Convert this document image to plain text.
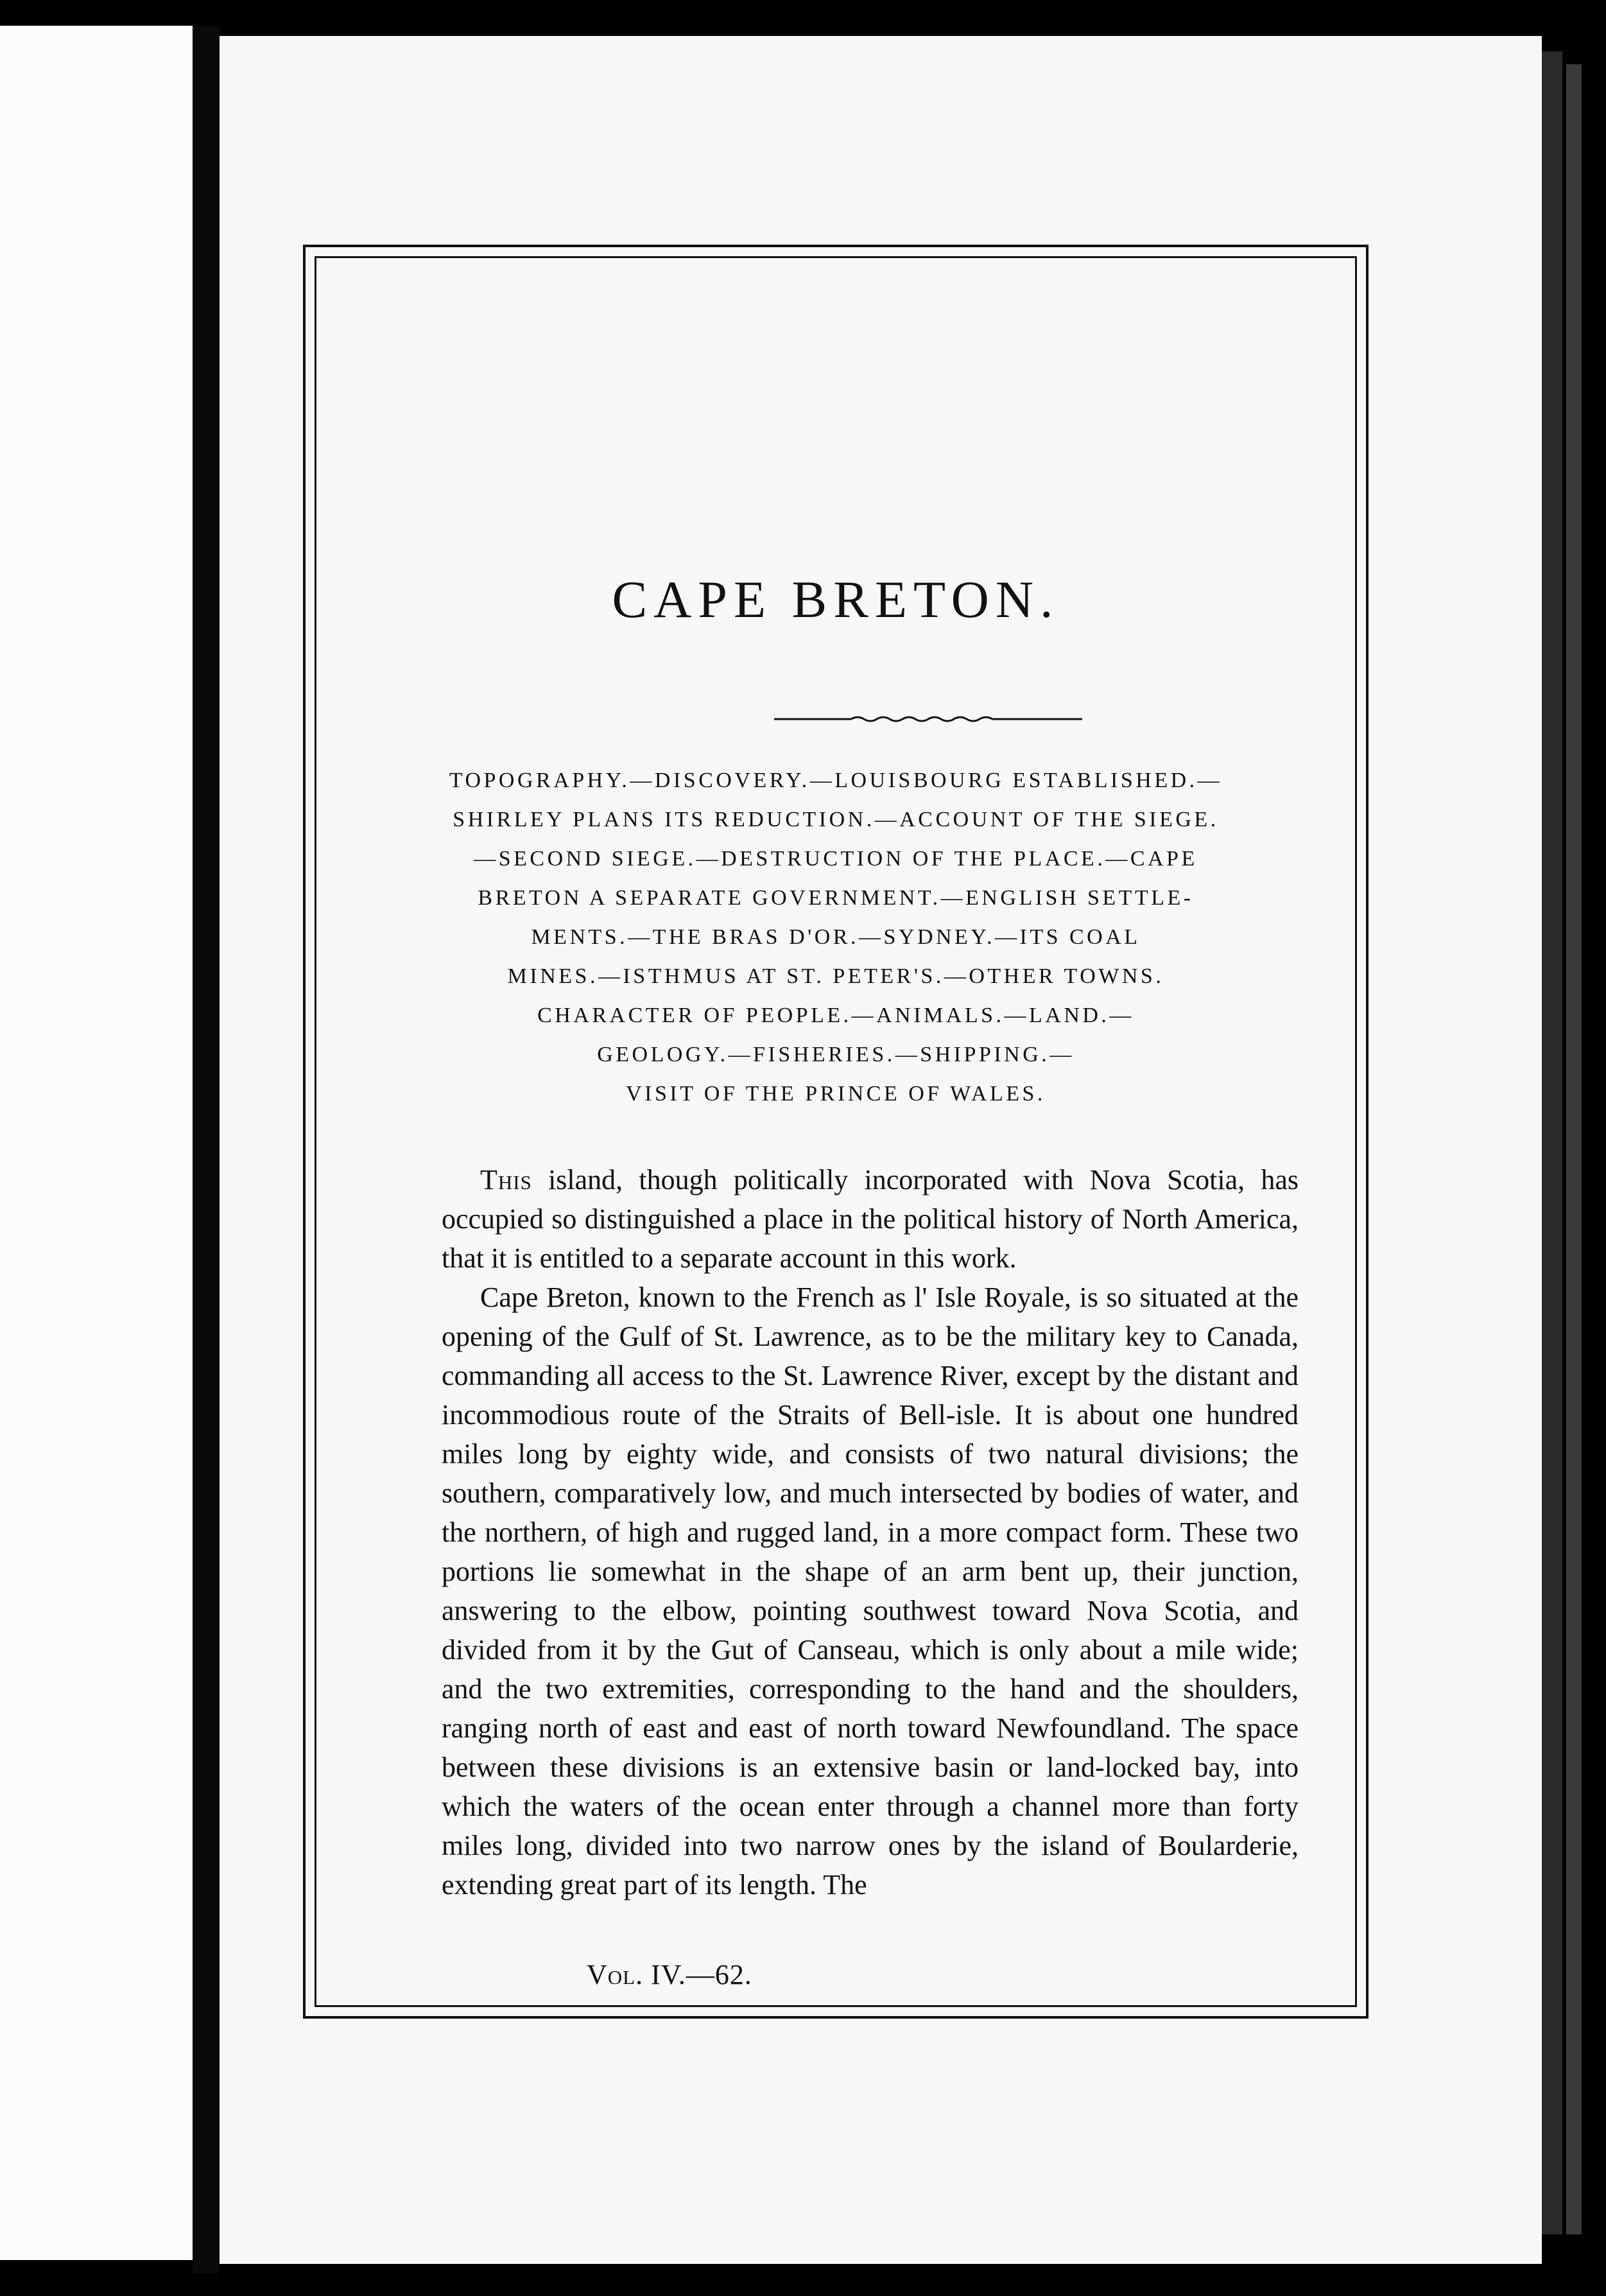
CAPE BRETON.
TOPOGRAPHY.—DISCOVERY.—LOUISBOURG ESTABLISHED.—
SHIRLEY PLANS ITS REDUCTION.—ACCOUNT OF THE SIEGE.
—SECOND SIEGE.—DESTRUCTION OF THE PLACE.—CAPE
BRETON A SEPARATE GOVERNMENT.—ENGLISH SETTLE-
MENTS.—THE BRAS D'OR.—SYDNEY.—ITS COAL
MINES.—ISTHMUS AT ST. PETER'S.—OTHER TOWNS.
CHARACTER OF PEOPLE.—ANIMALS.—LAND.—
GEOLOGY.—FISHERIES.—SHIPPING.—
VISIT OF THE PRINCE OF WALES.

This island, though politically incorporated with Nova Scotia, has occupied so distinguished a place in the political history of North America, that it is entitled to a separate account in this work.

Cape Breton, known to the French as l' Isle Royale, is so situated at the opening of the Gulf of St. Lawrence, as to be the military key to Canada, commanding all access to the St. Lawrence River, except by the distant and incommodious route of the Straits of Bell-isle. It is about one hundred miles long by eighty wide, and consists of two natural divisions; the southern, comparatively low, and much intersected by bodies of water, and the northern, of high and rugged land, in a more compact form. These two portions lie somewhat in the shape of an arm bent up, their junction, answering to the elbow, pointing southwest toward Nova Scotia, and divided from it by the Gut of Canseau, which is only about a mile wide; and the two extremities, corresponding to the hand and the shoulders, ranging north of east and east of north toward Newfoundland. The space between these divisions is an extensive basin or land-locked bay, into which the waters of the ocean enter through a channel more than forty miles long, divided into two narrow ones by the island of Boularderie, extending great part of its length. The

Vol. IV.—62.
